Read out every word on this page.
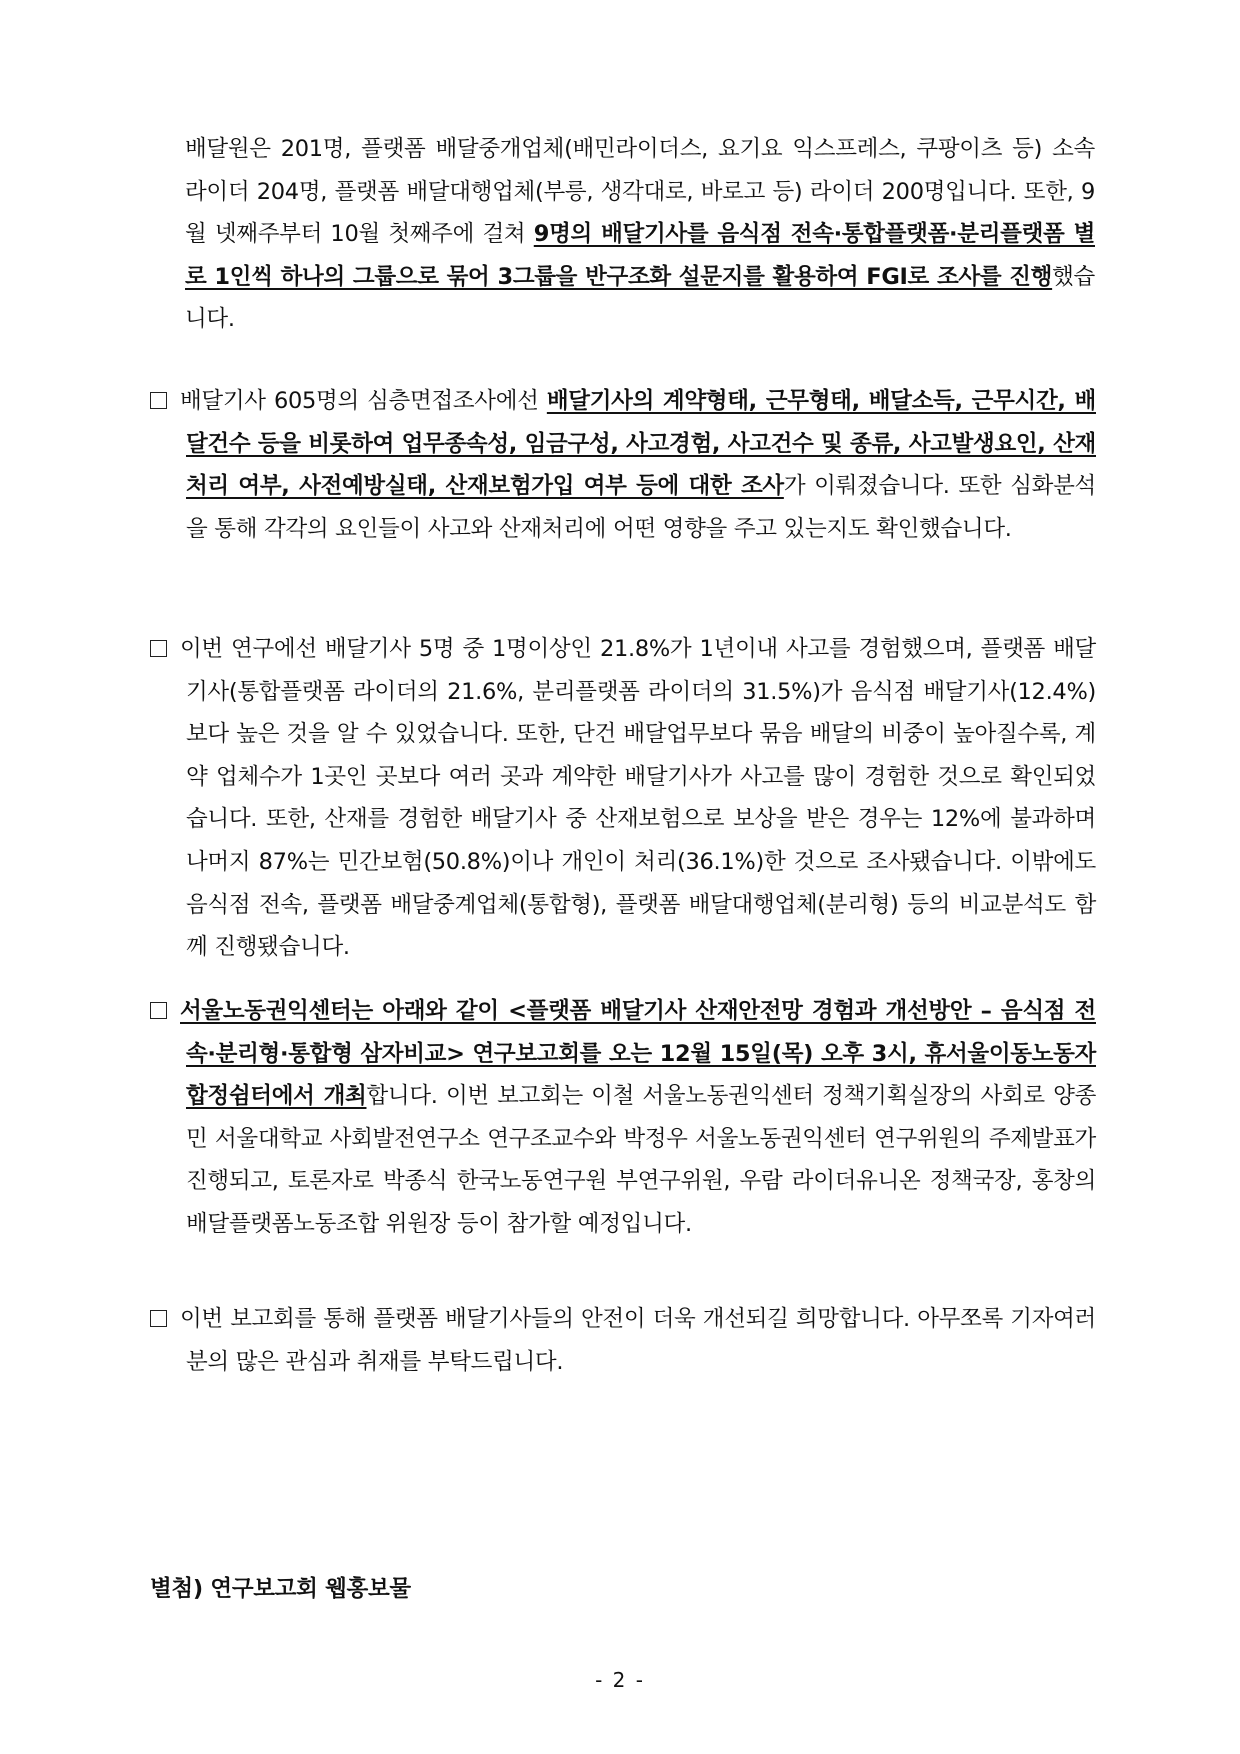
배달원은 201명, 플랫폼 배달중개업체(배민라이더스, 요기요 익스프레스, 쿠팡이츠 등) 소속 라이더 204명, 플랫폼 배달대행업체(부릉, 생각대로, 바로고 등) 라이더 200명입니다. 또한, 9월 넷째주부터 10월 첫째주에 걸쳐 9명의 배달기사를 음식점 전속·통합플랫폼·분리플랫폼 별로 1인씩 하나의 그룹으로 묶어 3그룹을 반구조화 설문지를 활용하여 FGI로 조사를 진행했습니다.
배달기사 605명의 심층면접조사에선 배달기사의 계약형태, 근무형태, 배달소득, 근무시간, 배달건수 등을 비롯하여 업무종속성, 임금구성, 사고경험, 사고건수 및 종류, 사고발생요인, 산재처리 여부, 사전예방실태, 산재보험가입 여부 등에 대한 조사가 이뤄졌습니다. 또한 심화분석을 통해 각각의 요인들이 사고와 산재처리에 어떤 영향을 주고 있는지도 확인했습니다.
이번 연구에선 배달기사 5명 중 1명이상인 21.8%가 1년이내 사고를 경험했으며, 플랫폼 배달기사(통합플랫폼 라이더의 21.6%, 분리플랫폼 라이더의 31.5%)가 음식점 배달기사(12.4%)보다 높은 것을 알 수 있었습니다. 또한, 단건 배달업무보다 묶음 배달의 비중이 높아질수록, 계약 업체수가 1곳인 곳보다 여러 곳과 계약한 배달기사가 사고를 많이 경험한 것으로 확인되었습니다. 또한, 산재를 경험한 배달기사 중 산재보험으로 보상을 받은 경우는 12%에 불과하며 나머지 87%는 민간보험(50.8%)이나 개인이 처리(36.1%)한 것으로 조사됐습니다. 이밖에도 음식점 전속, 플랫폼 배달중계업체(통합형), 플랫폼 배달대행업체(분리형) 등의 비교분석도 함께 진행됐습니다.
서울노동권익센터는 아래와 같이 <플랫폼 배달기사 산재안전망 경험과 개선방안 – 음식점 전속·분리형·통합형 삼자비교> 연구보고회를 오는 12월 15일(목) 오후 3시, 휴서울이동노동자합정쉼터에서 개최합니다. 이번 보고회는 이철 서울노동권익센터 정책기획실장의 사회로 양종민 서울대학교 사회발전연구소 연구조교수와 박정우 서울노동권익센터 연구위원의 주제발표가 진행되고, 토론자로 박종식 한국노동연구원 부연구위원, 우람 라이더유니온 정책국장, 홍창의 배달플랫폼노동조합 위원장 등이 참가할 예정입니다.
이번 보고회를 통해 플랫폼 배달기사들의 안전이 더욱 개선되길 희망합니다. 아무쪼록 기자여러분의 많은 관심과 취재를 부탁드립니다.
별첨) 연구보고회 웹홍보물
- 2 -
